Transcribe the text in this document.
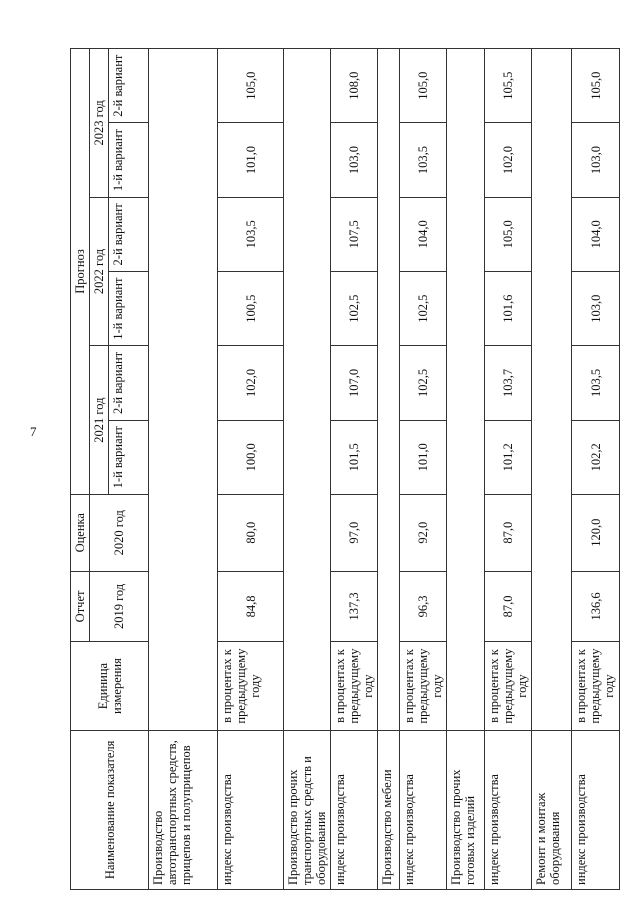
7
Наименование показателя	Единица измерения	Отчет	Оценка	Прогноз					
		2019 год	2020 год	2021 год		2022 год		2023 год	
				1-й вариант	2-й вариант	1-й вариант	2-й вариант	1-й вариант	2-й вариант
Производство автотранспортных средств, прицепов и полуприцепов									
индекс производства	в процентах к предыдущему году	84,8	80,0	100,0	102,0	100,5	103,5	101,0	105,0
Производство прочих транспортных средств и оборудования									
индекс производства	в процентах к предыдущему году	137,3	97,0	101,5	107,0	102,5	107,5	103,0	108,0
Производство мебели									
индекс производства	в процентах к предыдущему году	96,3	92,0	101,0	102,5	102,5	104,0	103,5	105,0
Производство прочих готовых изделий									
индекс производства	в процентах к предыдущему году	87,0	87,0	101,2	103,7	101,6	105,0	102,0	105,5
Ремонт и монтаж оборудования									
индекс производства	в процентах к предыдущему году	136,6	120,0	102,2	103,5	103,0	104,0	103,0	105,0
